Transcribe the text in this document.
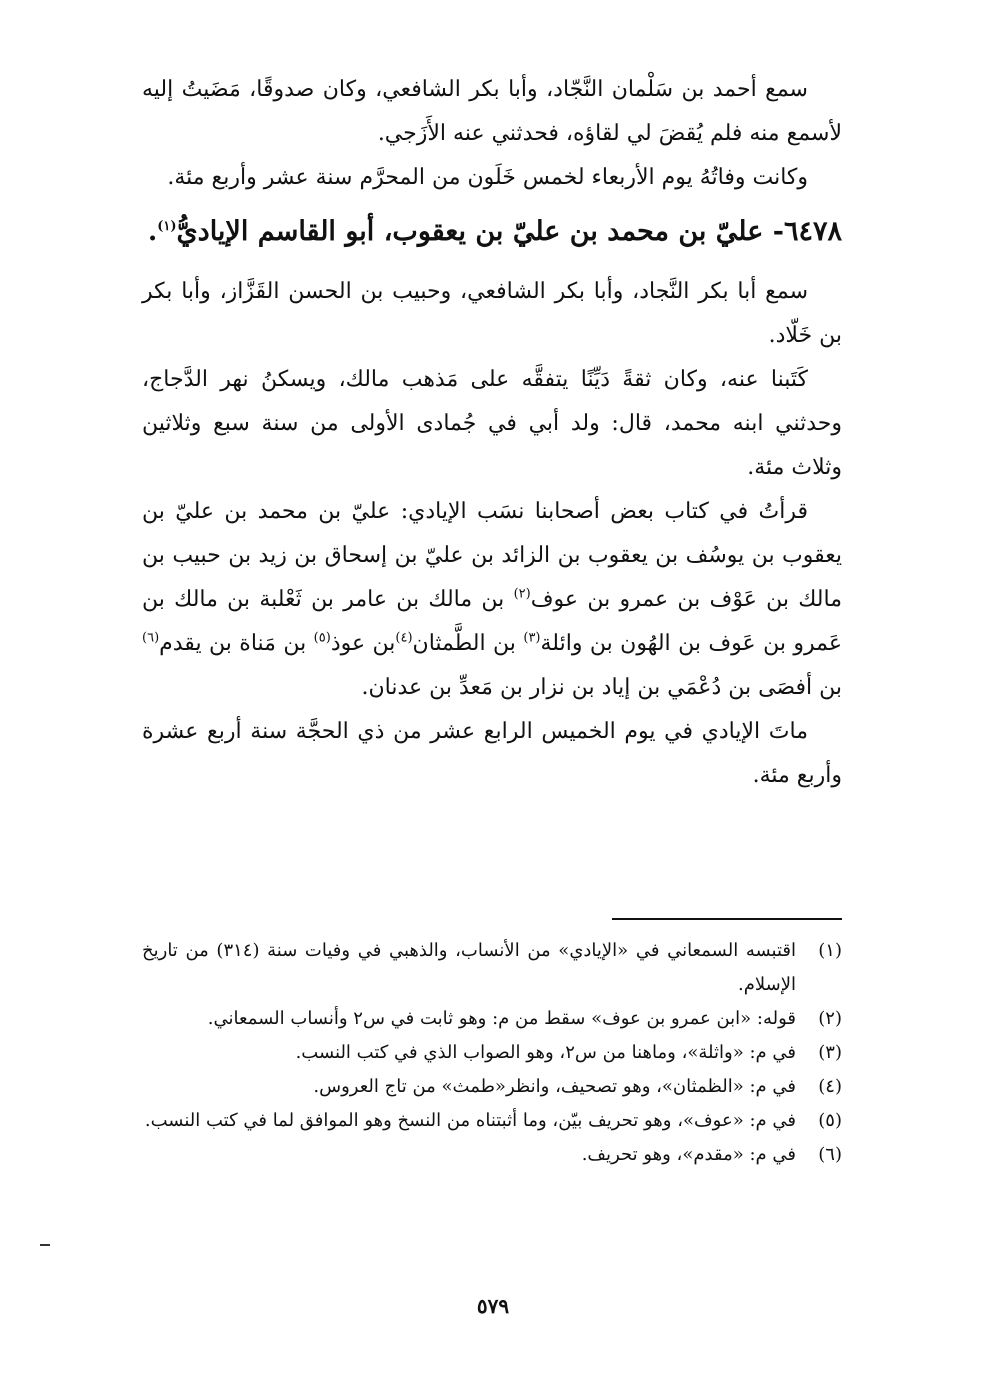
سمع أحمد بن سَلْمان النَّجّاد، وأبا بكر الشافعي، وكان صدوقًا، مَضَيتُ إليه لأسمع منه فلم يُقضَ لي لقاؤه، فحدثني عنه الأَزَجي.

وكانت وفاتُهُ يوم الأربعاء لخمس خَلَون من المحرَّم سنة عشر وأربع مئة.

٦٤٧٨- عليّ بن محمد بن عليّ بن يعقوب، أبو القاسم الإياديُّ$^{(١)}$.

سمع أبا بكر النَّجاد، وأبا بكر الشافعي، وحبيب بن الحسن القَزَّاز، وأبا بكر بن خَلّاد.

كَتَبنا عنه، وكان ثقةً دَيِّنًا يتفقَّه على مَذهب مالك، ويسكنُ نهر الدَّجاج، وحدثني ابنه محمد، قال: ولد أبي في جُمادى الأولى من سنة سبع وثلاثين وثلاث مئة.

قرأتُ في كتاب بعض أصحابنا نسَب الإيادي: عليّ بن محمد بن عليّ بن يعقوب بن يوسُف بن يعقوب بن الزائد بن عليّ بن إسحاق بن زيد بن حبيب بن مالك بن عَوْف بن عمرو بن عوف$^{(٢)}$ بن مالك بن عامر بن ثَعْلبة بن مالك بن عَمرو بن عَوف بن الهُون بن وائلة$^{(٣)}$ بن الطَّمثان$^{(٤)}$بن عوذ$^{(٥)}$ بن مَناة بن يقدم$^{(٦)}$ بن أفصَى بن دُعْمَي بن إياد بن نزار بن مَعدِّ بن عدنان.

ماتَ الإيادي في يوم الخميس الرابع عشر من ذي الحجَّة سنة أربع عشرة وأربع مئة.

(١)
اقتبسه السمعاني في «الإيادي» من الأنساب، والذهبي في وفيات سنة (٣١٤) من تاريخ الإسلام.
(٢)
قوله: «ابن عمرو بن عوف» سقط من م: وهو ثابت في س٢ وأنساب السمعاني.
(٣)
في م: «واثلة»، وماهنا من س٢، وهو الصواب الذي في كتب النسب.
(٤)
في م: «الظمثان»، وهو تصحيف، وانظر«طمث» من تاج العروس.
(٥)
في م: «عوف»، وهو تحريف بيّن، وما أثبتناه من النسخ وهو الموافق لما في كتب النسب.
(٦)
في م: «مقدم»، وهو تحريف.
٥٧٩
